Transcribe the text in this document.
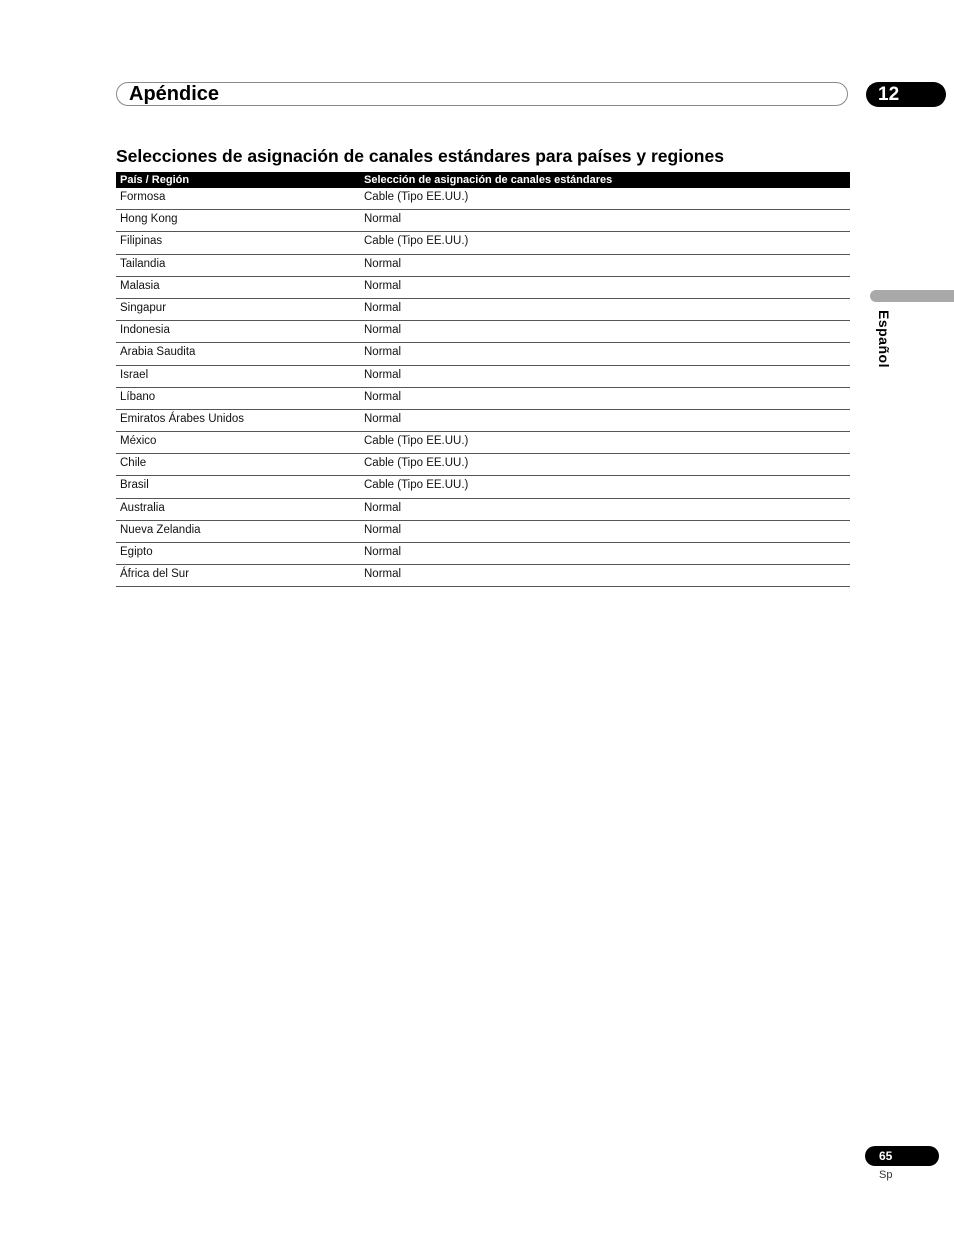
Apéndice	12
Selecciones de asignación de canales estándares para países y regiones
País / Región	Selección de asignación de canales estándares
Formosa	Cable (Tipo EE.UU.)
Hong Kong	Normal
Filipinas	Cable (Tipo EE.UU.)
Tailandia	Normal
Malasia	Normal
Singapur	Normal
Indonesia	Normal
Arabia Saudita	Normal
Israel	Normal
Líbano	Normal
Emiratos Árabes Unidos	Normal
México	Cable (Tipo EE.UU.)
Chile	Cable (Tipo EE.UU.)
Brasil	Cable (Tipo EE.UU.)
Australia	Normal
Nueva Zelandia	Normal
Egipto	Normal
África del Sur	Normal
Español
65
Sp
